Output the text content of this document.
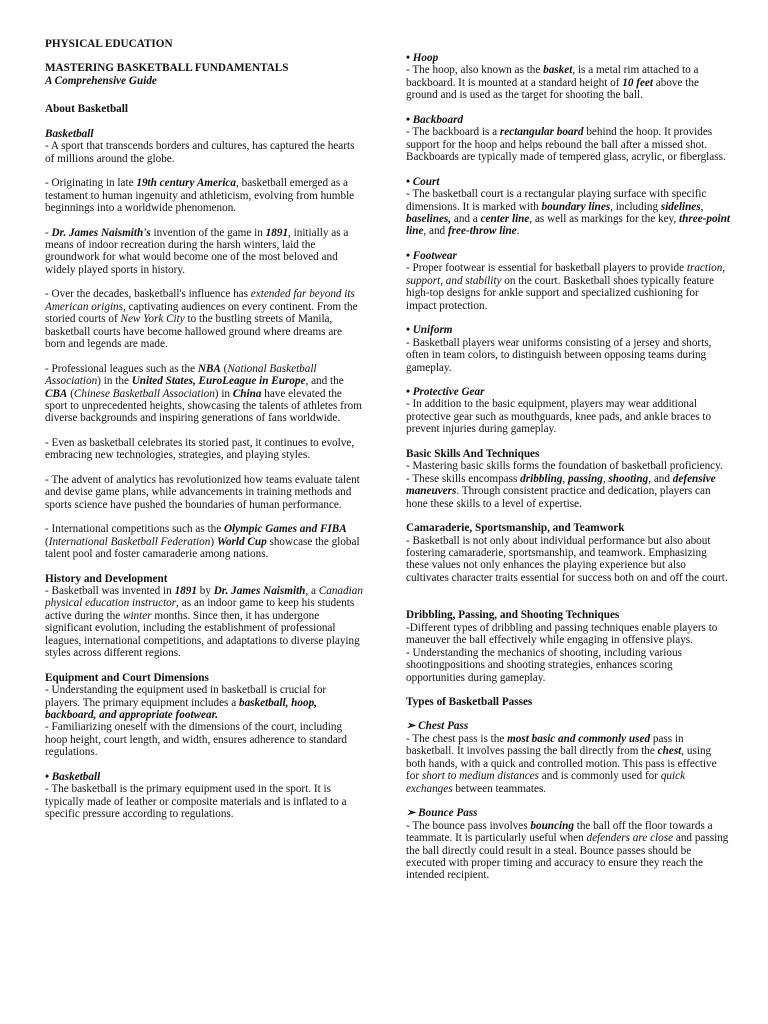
PHYSICAL EDUCATION

MASTERING BASKETBALL FUNDAMENTALS

A Comprehensive Guide

About Basketball

Basketball

- A sport that transcends borders and cultures, has captured the hearts of millions around the globe.

- Originating in late 19th century America, basketball emerged as a testament to human ingenuity and athleticism, evolving from humble beginnings into a worldwide phenomenon.

- Dr. James Naismith's invention of the game in 1891, initially as a means of indoor recreation during the harsh winters, laid the groundwork for what would become one of the most beloved and widely played sports in history.

- Over the decades, basketball's influence has extended far beyond its American origins, captivating audiences on every continent. From the storied courts of New York City to the bustling streets of Manila, basketball courts have become hallowed ground where dreams are born and legends are made.

- Professional leagues such as the NBA (National Basketball Association) in the United States, EuroLeague in Europe, and the CBA (Chinese Basketball Association) in China have elevated the sport to unprecedented heights, showcasing the talents of athletes from diverse backgrounds and inspiring generations of fans worldwide.

- Even as basketball celebrates its storied past, it continues to evolve, embracing new technologies, strategies, and playing styles.

- The advent of analytics has revolutionized how teams evaluate talent and devise game plans, while advancements in training methods and sports science have pushed the boundaries of human performance.

- International competitions such as the Olympic Games and FIBA (International Basketball Federation) World Cup showcase the global talent pool and foster camaraderie among nations.

History and Development

- Basketball was invented in 1891 by Dr. James Naismith, a Canadian physical education instructor, as an indoor game to keep his students active during the winter months. Since then, it has undergone significant evolution, including the establishment of professional leagues, international competitions, and adaptations to diverse playing styles across different regions.

Equipment and Court Dimensions

- Understanding the equipment used in basketball is crucial for players. The primary equipment includes a basketball, hoop, backboard, and appropriate footwear.
- Familiarizing oneself with the dimensions of the court, including hoop height, court length, and width, ensures adherence to standard regulations.

• Basketball

- The basketball is the primary equipment used in the sport. It is typically made of leather or composite materials and is inflated to a specific pressure according to regulations.

• Hoop

- The hoop, also known as the basket, is a metal rim attached to a backboard. It is mounted at a standard height of 10 feet above the ground and is used as the target for shooting the ball.

• Backboard

- The backboard is a rectangular board behind the hoop. It provides support for the hoop and helps rebound the ball after a missed shot. Backboards are typically made of tempered glass, acrylic, or fiberglass.

• Court

- The basketball court is a rectangular playing surface with specific dimensions. It is marked with boundary lines, including sidelines, baselines, and a center line, as well as markings for the key, three-point line, and free-throw line.

• Footwear

- Proper footwear is essential for basketball players to provide traction, support, and stability on the court. Basketball shoes typically feature high-top designs for ankle support and specialized cushioning for impact protection.

• Uniform

- Basketball players wear uniforms consisting of a jersey and shorts, often in team colors, to distinguish between opposing teams during gameplay.

• Protective Gear

- In addition to the basic equipment, players may wear additional protective gear such as mouthguards, knee pads, and ankle braces to prevent injuries during gameplay.

Basic Skills And Techniques

- Mastering basic skills forms the foundation of basketball proficiency.
- These skills encompass dribbling, passing, shooting, and defensive maneuvers. Through consistent practice and dedication, players can hone these skills to a level of expertise.

Camaraderie, Sportsmanship, and Teamwork

- Basketball is not only about individual performance but also about fostering camaraderie, sportsmanship, and teamwork. Emphasizing these values not only enhances the playing experience but also cultivates character traits essential for success both on and off the court.

Dribbling, Passing, and Shooting Techniques

-Different types of dribbling and passing techniques enable players to maneuver the ball effectively while engaging in offensive plays.
- Understanding the mechanics of shooting, including various shootingpositions and shooting strategies, enhances scoring opportunities during gameplay.

Types of Basketball Passes

➢ Chest Pass

- The chest pass is the most basic and commonly used pass in basketball. It involves passing the ball directly from the chest, using both hands, with a quick and controlled motion. This pass is effective for short to medium distances and is commonly used for quick exchanges between teammates.

➢ Bounce Pass

- The bounce pass involves bouncing the ball off the floor towards a teammate. It is particularly useful when defenders are close and passing the ball directly could result in a steal. Bounce passes should be executed with proper timing and accuracy to ensure they reach the intended recipient.
